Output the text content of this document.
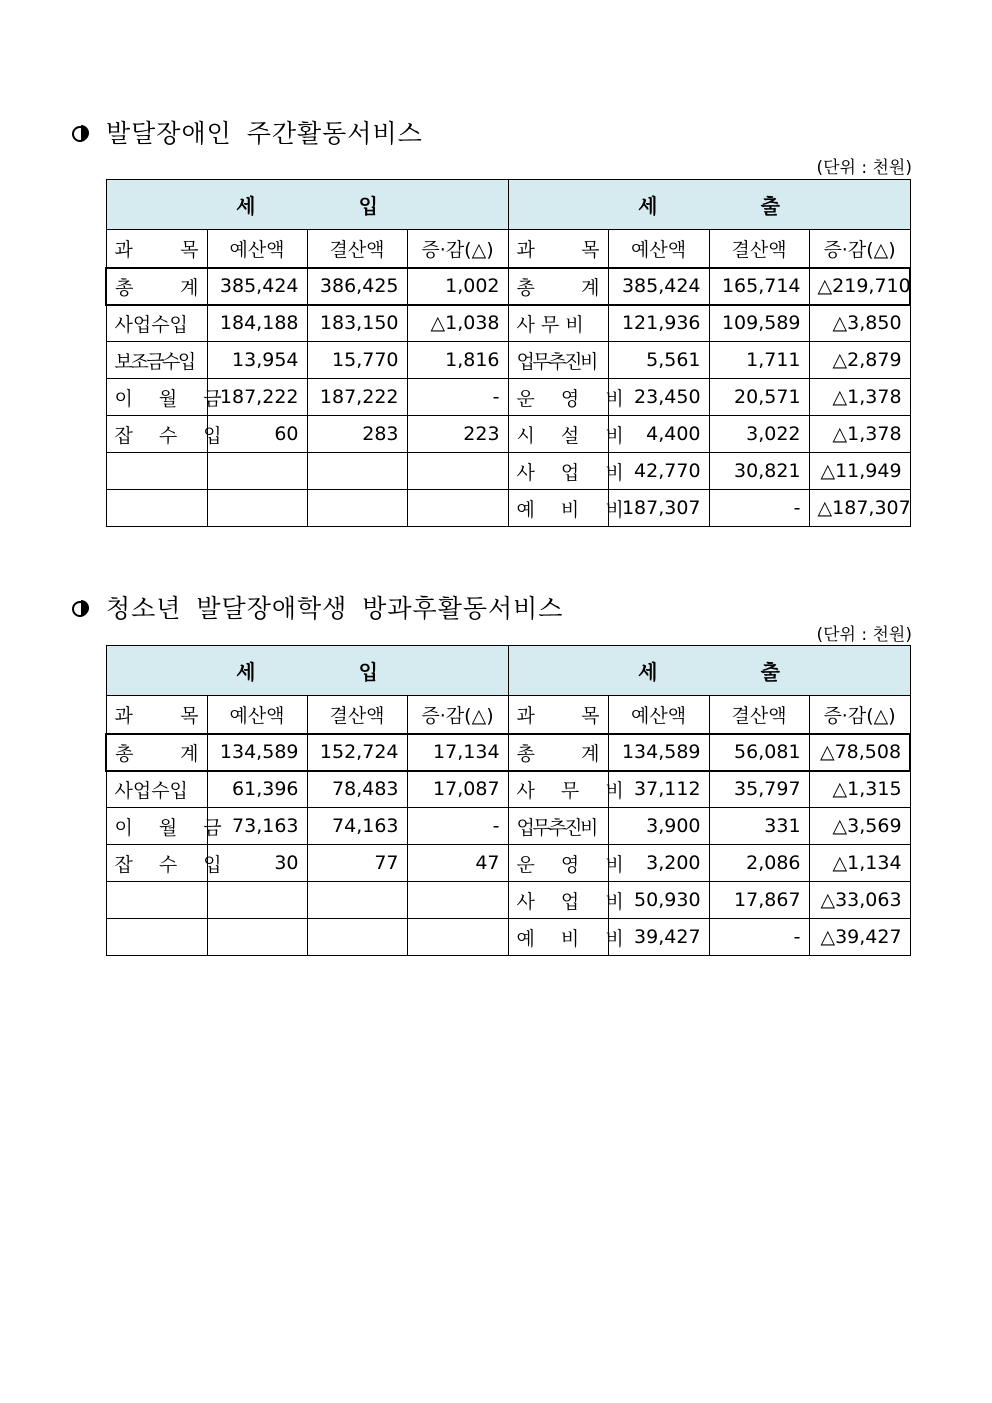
발달장애인 주간활동서비스
(단위 : 천원)
세 입				세 출			

과 목	예산액	결산액	증·감(△)	과 목	예산액	결산액	증·감(△)

총 계	385,424	386,425	1,002	총 계	385,424	165,714	△219,710
사업수입	184,188	183,150	△1,038	사 무 비	121,936	109,589	△3,850
보조금수입	13,954	15,770	1,816	업무추진비	5,561	1,711	△2,879
이 월 금	187,222	187,222	-	운 영 비	23,450	20,571	△1,378
잡 수 입	60	283	223	시 설 비	4,400	3,022	△1,378
				사 업 비	42,770	30,821	△11,949
				예 비 비	187,307	-	△187,307
청소년 발달장애학생 방과후활동서비스
(단위 : 천원)
세 입				세 출			

과 목	예산액	결산액	증·감(△)	과 목	예산액	결산액	증·감(△)

총 계	134,589	152,724	17,134	총 계	134,589	56,081	△78,508
사업수입	61,396	78,483	17,087	사 무 비	37,112	35,797	△1,315
이 월 금	73,163	74,163	-	업무추진비	3,900	331	△3,569
잡 수 입	30	77	47	운 영 비	3,200	2,086	△1,134
				사 업 비	50,930	17,867	△33,063
				예 비 비	39,427	-	△39,427
